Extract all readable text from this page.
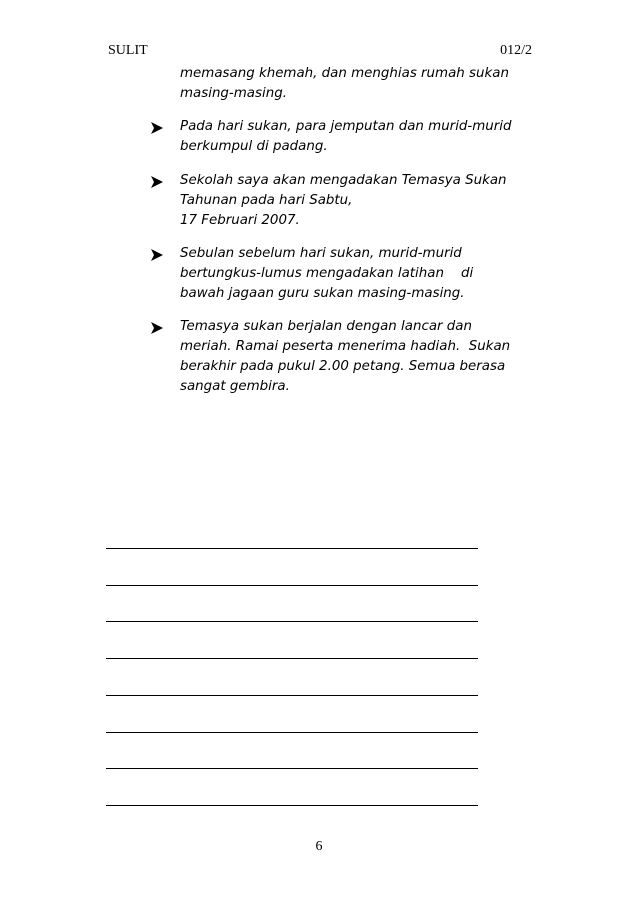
SULIT	012/2
memasang khemah, dan menghias rumah sukan
masing-masing.
Pada hari sukan, para jemputan dan murid-murid
berkumpul di padang.
Sekolah saya akan mengadakan Temasya Sukan
Tahunan pada hari Sabtu,
17 Februari 2007.
Sebulan sebelum hari sukan, murid-murid
bertungkus-lumus mengadakan latihan    di
bawah jagaan guru sukan masing-masing.
Temasya sukan berjalan dengan lancar dan
meriah. Ramai peserta menerima hadiah.  Sukan
berakhir pada pukul 2.00 petang. Semua berasa
sangat gembira.
6
